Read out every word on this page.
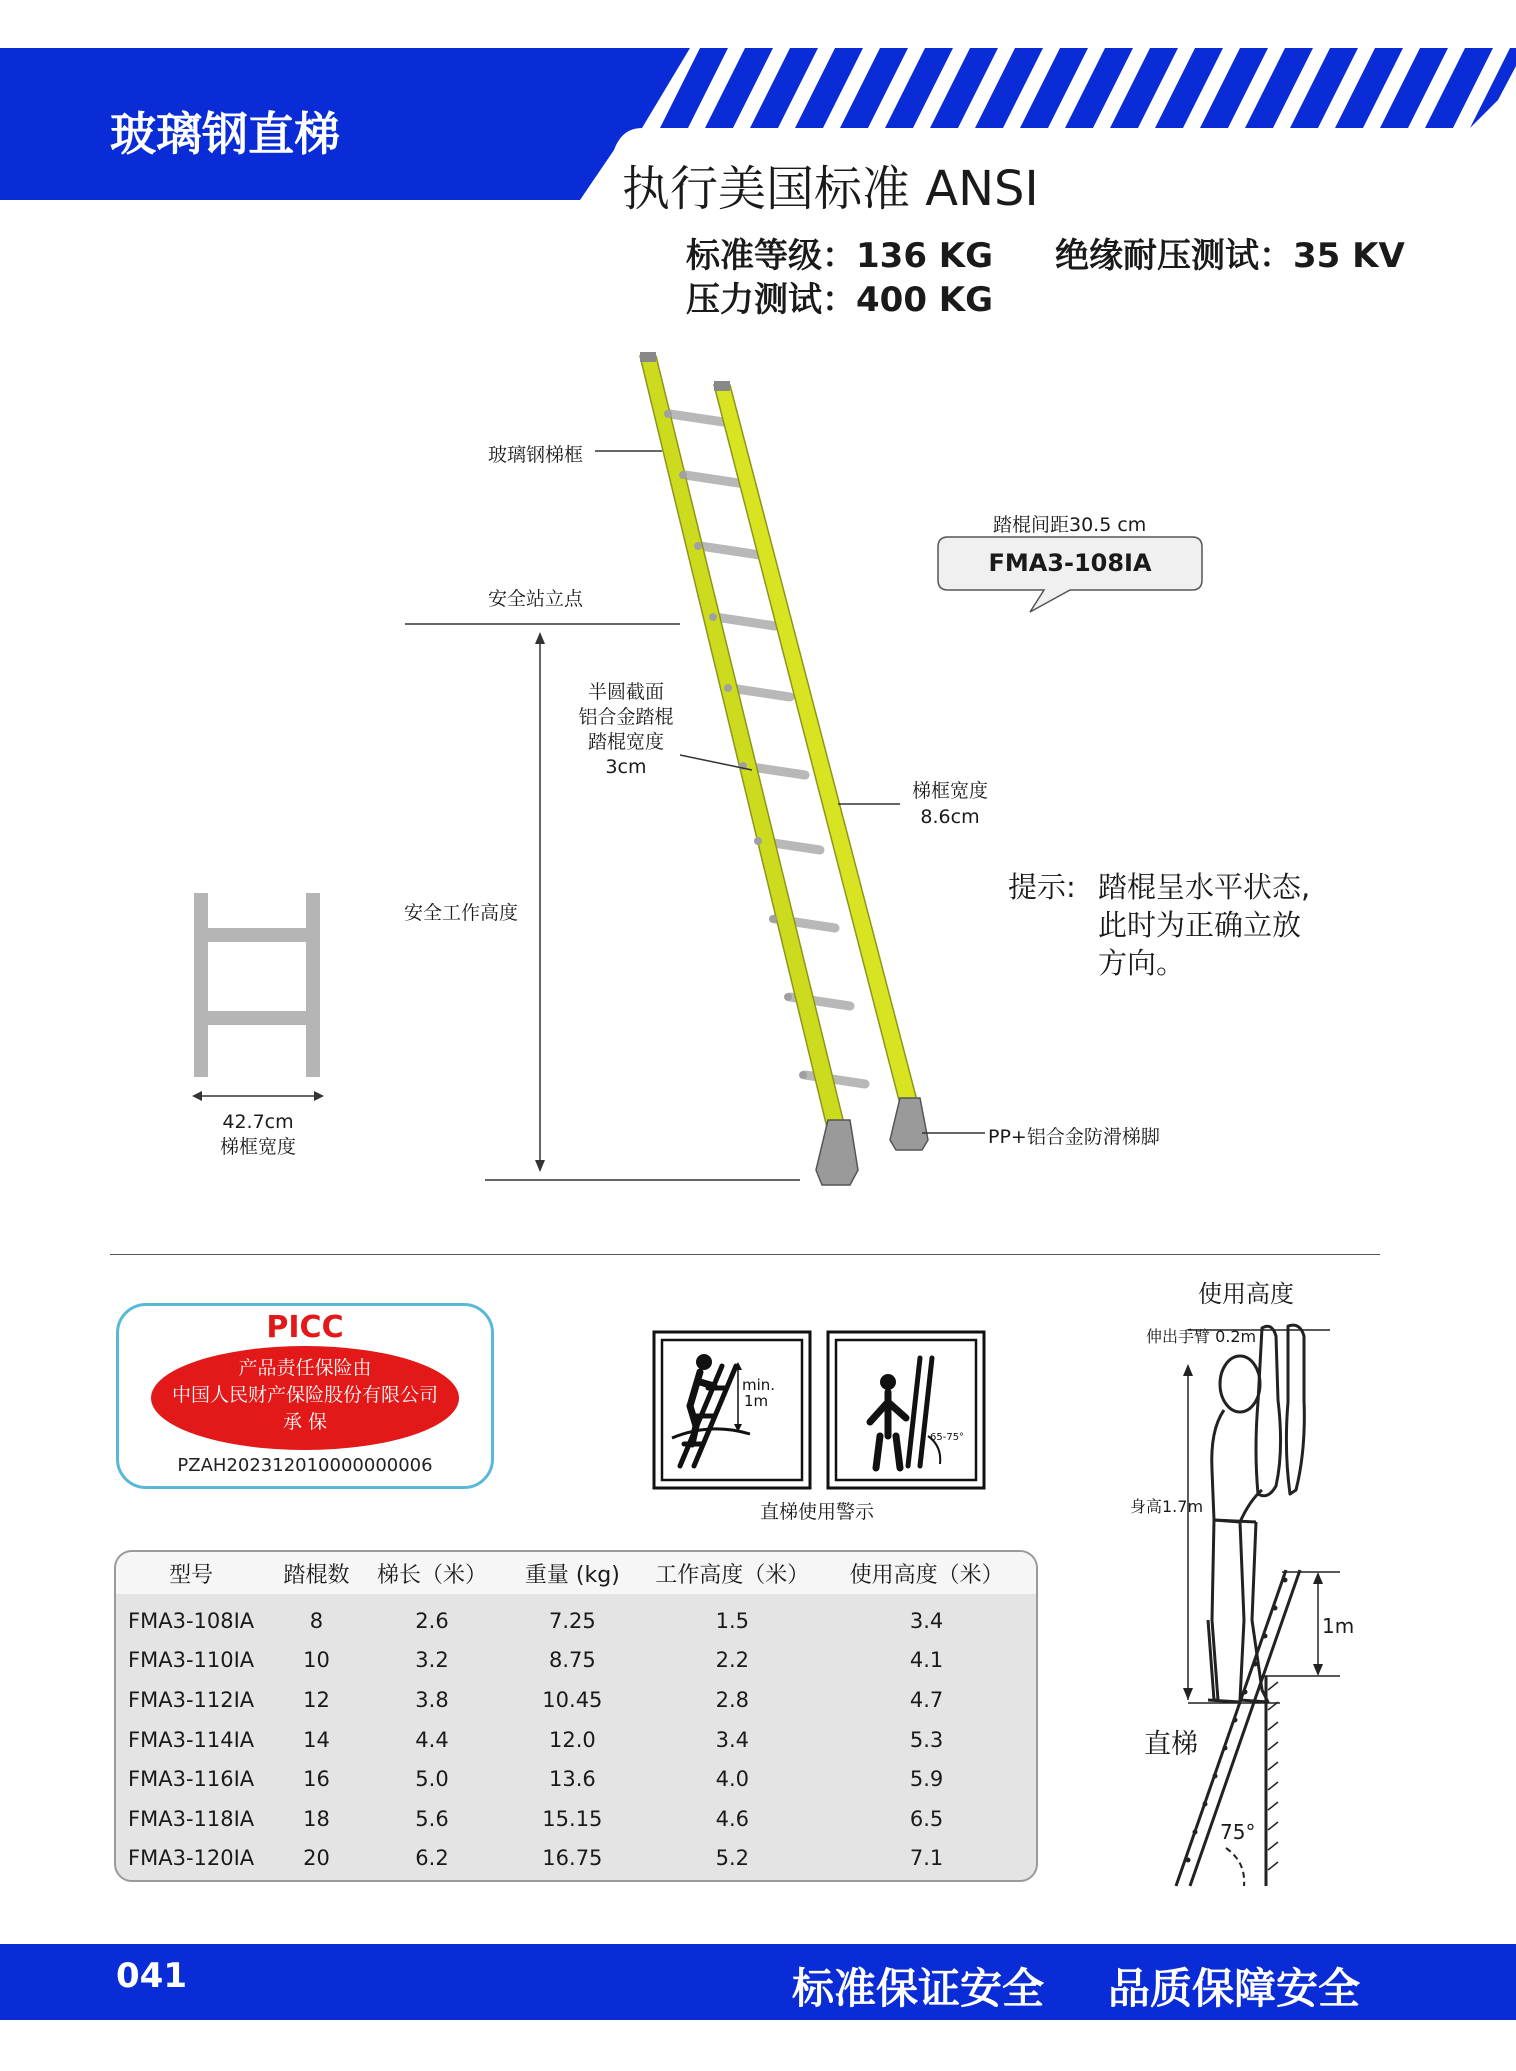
玻璃钢直梯
执行美国标准 ANSI
标准等级：136 KG 绝缘耐压测试：35 KV
压力测试：400 KG
玻璃钢梯框
安全站立点
安全工作高度
半圆截面
铝合金踏棍
踏棍宽度
3cm
梯框宽度
8.6cm
PP+铝合金防滑梯脚
踏棍间距30.5 cm
FMA3-108IA
提示: 踏棍呈水平状态,
此时为正确立放
方向。
42.7cm
梯框宽度
PICC
产品责任保险由
中国人民财产保险股份有限公司
承 保
PZAH202312010000000006
min.
1m
65-75°
直梯使用警示
型号	踏棍数	梯长（米）	重量 (kg)	工作高度（米）	使用高度（米）
FMA3-108IA	8	2.6	7.25	1.5	3.4
FMA3-110IA	10	3.2	8.75	2.2	4.1
FMA3-112IA	12	3.8	10.45	2.8	4.7
FMA3-114IA	14	4.4	12.0	3.4	5.3
FMA3-116IA	16	5.0	13.6	4.0	5.9
FMA3-118IA	18	5.6	15.15	4.6	6.5
FMA3-120IA	20	6.2	16.75	5.2	7.1
使用高度
伸出手臂 0.2m
身高1.7m
1m
直梯
75°
041	标准保证安全 品质保障安全
